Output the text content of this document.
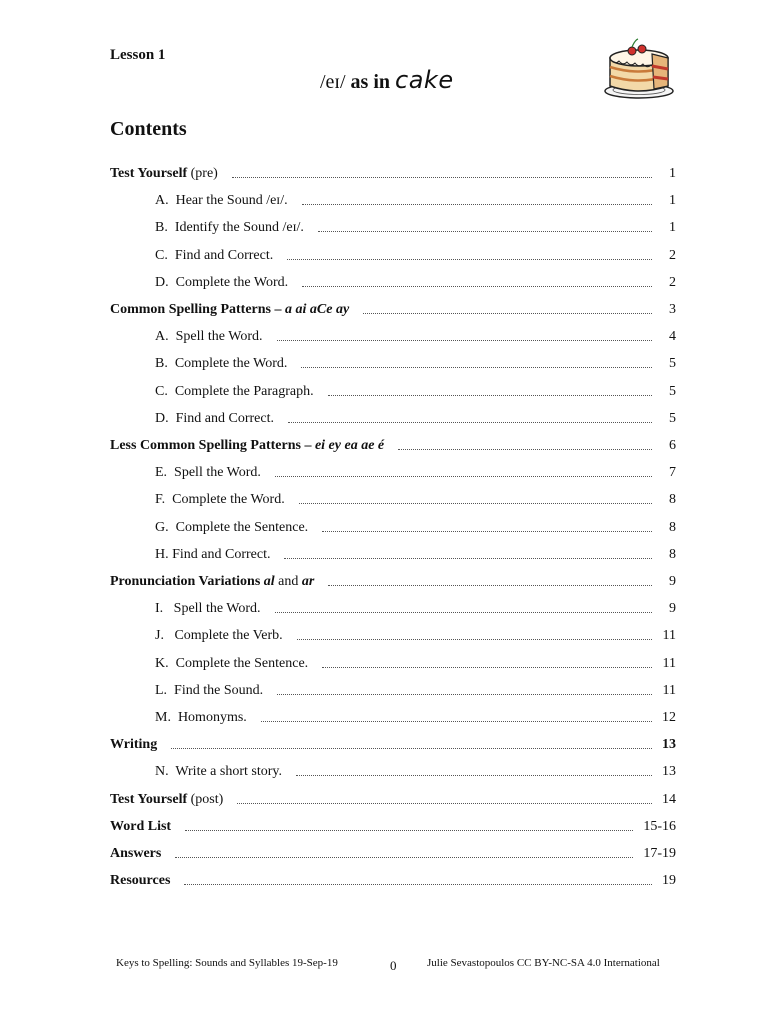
Lesson 1
/eɪ/ as in cake
Contents
Test Yourself (pre)	1
A.  Hear the Sound /eɪ/.	1
B.  Identify the Sound /eɪ/.	1
C.  Find and Correct.	2
D.  Complete the Word.	2
Common Spelling Patterns – a ai aCe ay	3
A.  Spell the Word.	4
B.  Complete the Word.	5
C.  Complete the Paragraph.	5
D.  Find and Correct.	5
Less Common Spelling Patterns – ei ey ea ae é	6
E.  Spell the Word.	7
F.  Complete the Word.	8
G.  Complete the Sentence.	8
H. Find and Correct.	8
Pronunciation Variations al and ar	9
I.   Spell the Word.	9
J.   Complete the Verb.	11
K.  Complete the Sentence.	11
L.  Find the Sound.	11
M.  Homonyms.	12
Writing	13
N.  Write a short story.	13
Test Yourself (post)	14
Word List	15-16
Answers	17-19
Resources	19
Keys to Spelling: Sounds and Syllables 19-Sep-19	0	Julie Sevastopoulos CC BY-NC-SA 4.0 International
